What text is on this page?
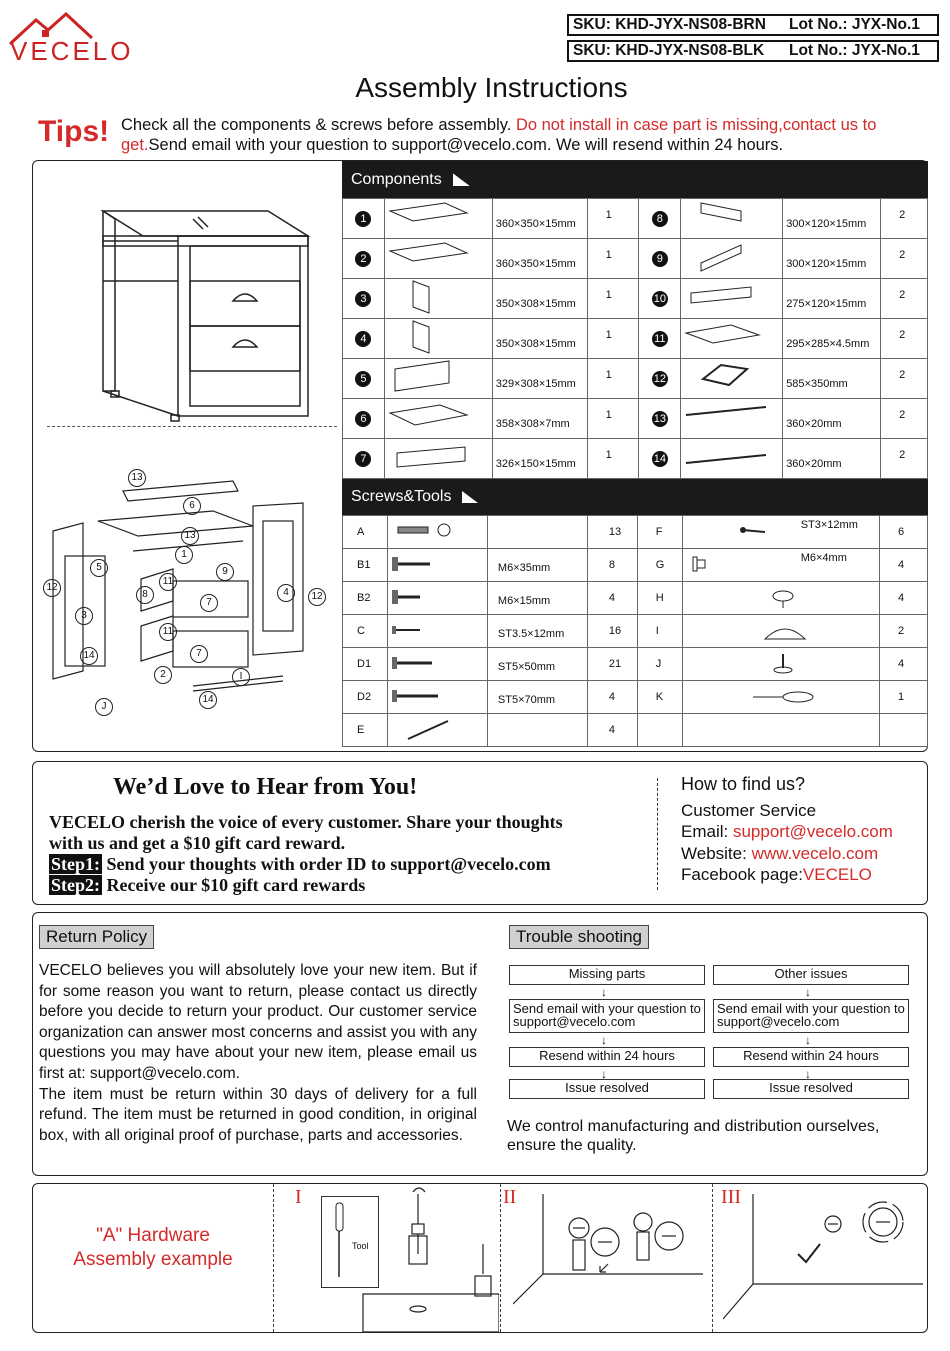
VECELO
SKU: KHD-JYX-NS08-BRN	Lot No.: JYX-No.1
SKU: KHD-JYX-NS08-BLK	Lot No.: JYX-No.1
Assembly Instructions
Tips! Check all the components & screws before assembly. Do not install in case part is missing,contact us to get.Send email with your question to support@vecelo.com. We will resend within 24 hours.
13
6
13
1
5	9
11
8	4
12
12
3
7
11
14	7
2	I
J
14
Components
1		360×350×15mm	1	8		300×120×15mm	2
2		360×350×15mm	1	9		300×120×15mm	2
3		350×308×15mm	1	10		275×120×15mm	2
4		350×308×15mm	1	11		295×285×4.5mm	2
5		329×308×15mm	1	12		585×350mm	2
6		358×308×7mm	1	13		360×20mm	2
7		326×150×15mm	1	14		360×20mm	2
Screws&Tools
A			13	F	ST3×12mm	6
B1		M6×35mm	8	G	M6×4mm	4
B2		M6×15mm	4	H		4
C		ST3.5×12mm	16	I		2
D1		ST5×50mm	21	J		4
D2		ST5×70mm	4	K		1
E			4			
We’d Love to Hear from You!
VECELO cherish the voice of every customer. Share your thoughts
with us and get a $10 gift card reward.
Step1: Send your thoughts with order ID to support@vecelo.com
Step2: Receive our $10 gift card rewards
How to find us?
Customer Service
Email: support@vecelo.com
Website: www.vecelo.com
Facebook page:VECELO
Return Policy
VECELO believes you will absolutely love your new item. But if for some reason you want to return, please contact us directly before you decide to return your product. Our customer service organization can answer most concerns and assist you with any questions you may have about your new item, please email us first at: support@vecelo.com.
The item must be return within 30 days of delivery for a full refund. The item must be returned in good condition, in original box, with all original proof of purchase, parts and accessories.
Trouble shooting
Missing parts
↓
Send email with your question to support@vecelo.com
↓
Resend within 24 hours
↓
Issue resolved
Other issues
↓
Send email with your question to support@vecelo.com
↓
Resend within 24 hours
↓
Issue resolved
We control manufacturing and distribution ourselves, ensure the quality.
"A" Hardware
Assembly example
I	II	III
Tool
